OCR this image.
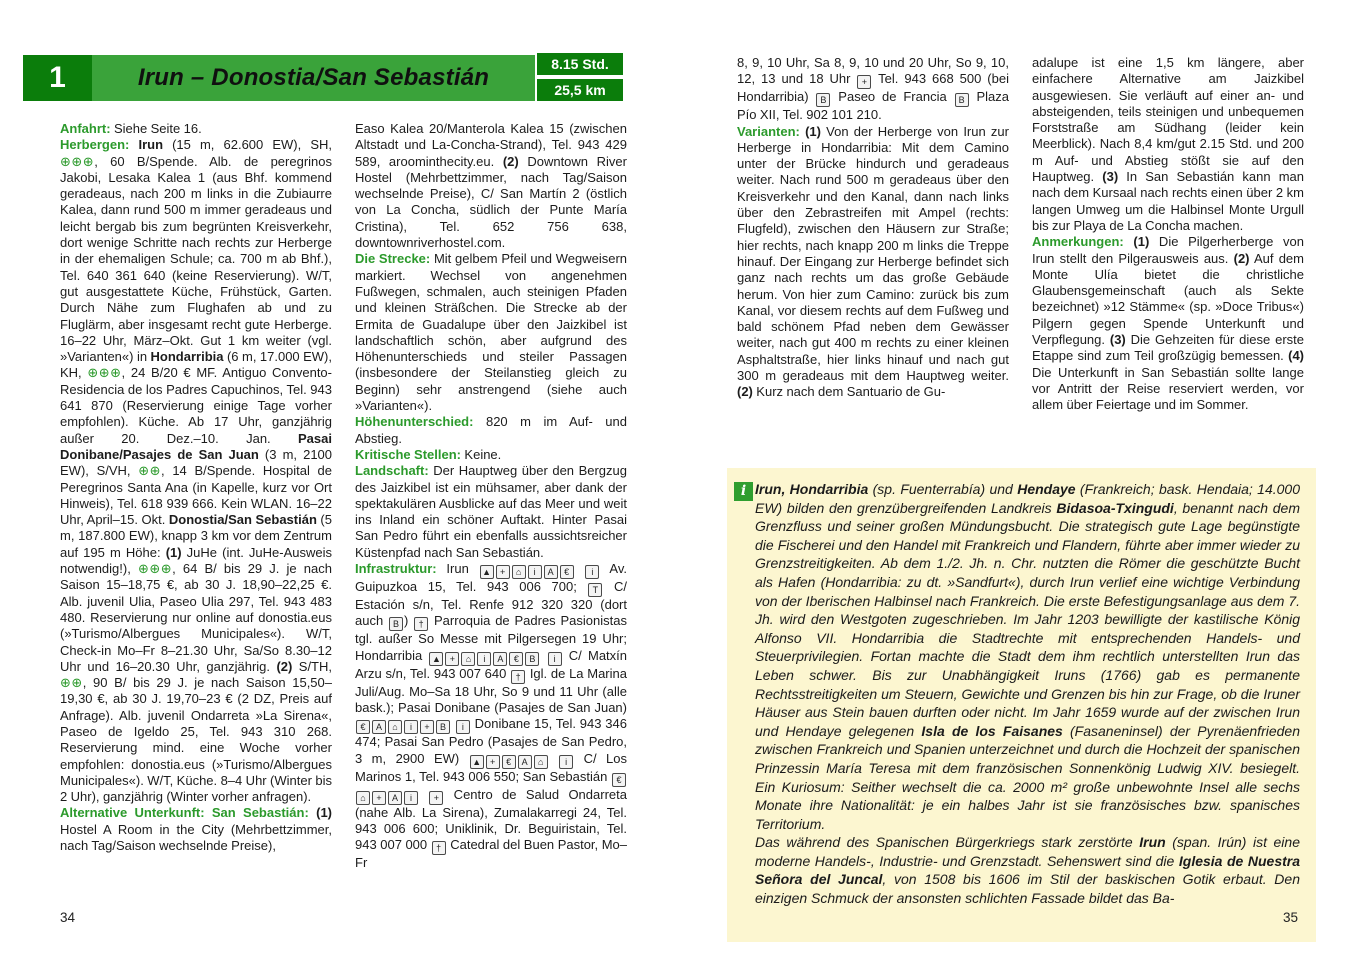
1	Irun – Donostia/San Sebastián	8.15 Std.
25,5 km

Anfahrt: Siehe Seite 16.

Herbergen: Irun (15 m, 62.600 EW), SH, ⊕⊕⊕, 60 B/Spende. Alb. de peregrinos Jakobi, Lesaka Kalea 1 (aus Bhf. kommend geradeaus, nach 200 m links in die Zubiaurre Kalea, dann rund 500 m immer geradeaus und leicht bergab bis zum begrünten Kreisverkehr, dort wenige Schritte nach rechts zur Herberge in der ehemaligen Schule; ca. 700 m ab Bhf.), Tel. 640 361 640 (keine Reservierung). W/T, gut ausgestattete Küche, Frühstück, Garten. Durch Nähe zum Flughafen ab und zu Fluglärm, aber insgesamt recht gute Herberge. 16–22 Uhr, März–Okt. Gut 1 km weiter (vgl. »Varianten«) in Hondarribia (6 m, 17.000 EW), KH, ⊕⊕⊕, 24 B/20 € MF. Antiguo Convento-Residencia de los Padres Capuchinos, Tel. 943 641 870 (Reservierung einige Tage vorher empfohlen). Küche. Ab 17 Uhr, ganzjährig außer 20. Dez.–10. Jan. Pasai Donibane/Pasajes de San Juan (3 m, 2100 EW), S/VH, ⊕⊕, 14 B/Spende. Hospital de Peregrinos Santa Ana (in Kapelle, kurz vor Ort Hinweis), Tel. 618 939 666. Kein WLAN. 16–22 Uhr, April–15. Okt. Donostia/San Sebastián (5 m, 187.800 EW), knapp 3 km vor dem Zentrum auf 195 m Höhe: (1) JuHe (int. JuHe-Ausweis notwendig!), ⊕⊕⊕, 64 B/ bis 29 J. je nach Saison 15–18,75 €, ab 30 J. 18,90–22,25 €. Alb. juvenil Ulia, Paseo Ulia 297, Tel. 943 483 480. Reservierung nur online auf donostia.eus (»Turismo/Albergues Municipales«). W/T, Check-in Mo–Fr 8–21.30 Uhr, Sa/So 8.30–12 Uhr und 16–20.30 Uhr, ganzjährig. (2) S/TH, ⊕⊕, 90 B/ bis 29 J. je nach Saison 15,50–19,30 €, ab 30 J. 19,70–23 € (2 DZ, Preis auf Anfrage). Alb. juvenil Ondarreta »La Sirena«, Paseo de Igeldo 25, Tel. 943 310 268. Reservierung mind. eine Woche vorher empfohlen: donostia.eus (»Turismo/Albergues Municipales«). W/T, Küche. 8–4 Uhr (Winter bis 2 Uhr), ganzjährig (Winter vorher anfragen).

Alternative Unterkunft: San Sebastián: (1) Hostel A Room in the City (Mehrbettzimmer, nach Tag/Saison wechselnde Preise),

Easo Kalea 20/Manterola Kalea 15 (zwischen Altstadt und La-Concha-Strand), Tel. 943 429 589, aroominthecity.eu. (2) Downtown River Hostel (Mehrbettzimmer, nach Tag/Saison wechselnde Preise), C/ San Martín 2 (östlich von La Concha, südlich der Punte María Cristina), Tel. 652 756 638, downtownriverhostel.com.

Die Strecke: Mit gelbem Pfeil und Wegweisern markiert. Wechsel von angenehmen Fußwegen, schmalen, auch steinigen Pfaden und kleinen Sträßchen. Die Strecke ab der Ermita de Guadalupe über den Jaizkibel ist landschaftlich schön, aber aufgrund des Höhenunterschieds und steiler Passagen (insbesondere der Steilanstieg gleich zu Beginn) sehr anstrengend (siehe auch »Varianten«).

Höhenunterschied: 820 m im Auf- und Abstieg.

Kritische Stellen: Keine.

Landschaft: Der Hauptweg über den Bergzug des Jaizkibel ist ein mühsamer, aber dank der spektakulären Ausblicke auf das Meer und weit ins Inland ein schöner Auftakt. Hinter Pasai San Pedro führt ein ebenfalls aussichtsreicher Küstenpfad nach San Sebastián.

Infrastruktur: Irun ▲ + ⌂ i A € i Av. Guipuzkoa 15, Tel. 943 006 700; T C/ Estación s/n, Tel. Renfe 912 320 320 (dort auch B ) † Parroquia de Padres Pasionistas tgl. außer So Messe mit Pilgersegen 19 Uhr; Hondarribia ▲ + ⌂ i A € B i C/ Matxín Arzu s/n, Tel. 943 007 640 † Igl. de La Marina Juli/Aug. Mo–Sa 18 Uhr, So 9 und 11 Uhr (alle bask.); Pasai Donibane (Pasajes de San Juan) € A ⌂ i + B i Donibane 15, Tel. 943 346 474; Pasai San Pedro (Pasajes de San Pedro, 3 m, 2900 EW) ▲ + € A ⌂ i C/ Los Marinos 1, Tel. 943 006 550; San Sebastián €⌂ + A i + Centro de Salud Ondarreta (nahe Alb. La Sirena), Zumalakarregi 24, Tel. 943 006 600; Uniklinik, Dr. Beguiristain, Tel. 943 007 000 † Catedral del Buen Pastor, Mo–Fr

8, 9, 10 Uhr, Sa 8, 9, 10 und 20 Uhr, So 9, 10, 12, 13 und 18 Uhr + Tel. 943 668 500 (bei Hondarribia) B Paseo de Francia B Plaza Pío XII, Tel. 902 101 210.

Varianten: (1) Von der Herberge von Irun zur Herberge in Hondarribia: Mit dem Camino unter der Brücke hindurch und geradeaus weiter. Nach rund 500 m geradeaus über den Kreisverkehr und den Kanal, dann nach links über den Zebrastreifen mit Ampel (rechts: Flugfeld), zwischen den Häusern zur Straße; hier rechts, nach knapp 200 m links die Treppe hinauf. Der Eingang zur Herberge befindet sich ganz nach rechts um das große Gebäude herum. Von hier zum Camino: zurück bis zum Kanal, vor diesem rechts auf dem Fußweg und bald schönem Pfad neben dem Gewässer weiter, nach gut 400 m rechts zu einer kleinen Asphaltstraße, hier links hinauf und nach gut 300 m geradeaus mit dem Hauptweg weiter. (2) Kurz nach dem Santuario de Gu-

adalupe ist eine 1,5 km längere, aber einfachere Alternative am Jaizkibel ausgewiesen. Sie verläuft auf einer an- und absteigenden, teils steinigen und unbequemen Forststraße am Südhang (leider kein Meerblick). Nach 8,4 km/gut 2.15 Std. und 200 m Auf- und Abstieg stößt sie auf den Hauptweg. (3) In San Sebastián kann man nach dem Kursaal nach rechts einen über 2 km langen Umweg um die Halbinsel Monte Urgull bis zur Playa de La Concha machen.

Anmerkungen: (1) Die Pilgerherberge von Irun stellt den Pilgerausweis aus. (2) Auf dem Monte Ulía bietet die christliche Glaubensgemeinschaft (auch als Sekte bezeichnet) »12 Stämme« (sp. »Doce Tribus«) Pilgern gegen Spende Unterkunft und Verpflegung. (3) Die Gehzeiten für diese erste Etappe sind zum Teil großzügig bemessen. (4) Die Unterkunft in San Sebastián sollte lange vor Antritt der Reise reserviert werden, vor allem über Feiertage und im Sommer.

i Irun, Hondarribia (sp. Fuenterrabía) und Hendaye (Frankreich; bask. Hendaia; 14.000 EW) bilden den grenzübergreifenden Landkreis Bidasoa-Txingudi, benannt nach dem Grenzfluss und seiner großen Mündungsbucht. Die strategisch gute Lage begünstigte die Fischerei und den Handel mit Frankreich und Flandern, führte aber immer wieder zu Grenzstreitigkeiten. Ab dem 1./2. Jh. n. Chr. nutzten die Römer die geschützte Bucht als Hafen (Hondarribia: zu dt. »Sandfurt«), durch Irun verlief eine wichtige Verbindung von der Iberischen Halbinsel nach Frankreich. Die erste Befestigungsanlage aus dem 7. Jh. wird den Westgoten zugeschrieben. Im Jahr 1203 bewilligte der kastilische König Alfonso VII. Hondarribia die Stadtrechte mit entsprechenden Handels- und Steuerprivilegien. Fortan machte die Stadt dem ihm rechtlich unterstellten Irun das Leben schwer. Bis zur Unabhängigkeit Iruns (1766) gab es permanente Rechtsstreitigkeiten um Steuern, Gewichte und Grenzen bis hin zur Frage, ob die Iruner Häuser aus Stein bauen durften oder nicht. Im Jahr 1659 wurde auf der zwischen Irun und Hendaye gelegenen Isla de los Faisanes (Fasaneninsel) der Pyrenäenfrieden zwischen Frankreich und Spanien unterzeichnet und durch die Hochzeit der spanischen Prinzessin María Teresa mit dem französischen Sonnenkönig Ludwig XIV. besiegelt. Ein Kuriosum: Seither wechselt die ca. 2000 m² große unbewohnte Insel alle sechs Monate ihre Nationalität: je ein halbes Jahr ist sie französisches bzw. spanisches Territorium.

Das während des Spanischen Bürgerkriegs stark zerstörte Irun (span. Irún) ist eine moderne Handels-, Industrie- und Grenzstadt. Sehenswert sind die Iglesia de Nuestra Señora del Juncal, von 1508 bis 1606 im Stil der baskischen Gotik erbaut. Den einzigen Schmuck der ansonsten schlichten Fassade bildet das Ba-

34	35
